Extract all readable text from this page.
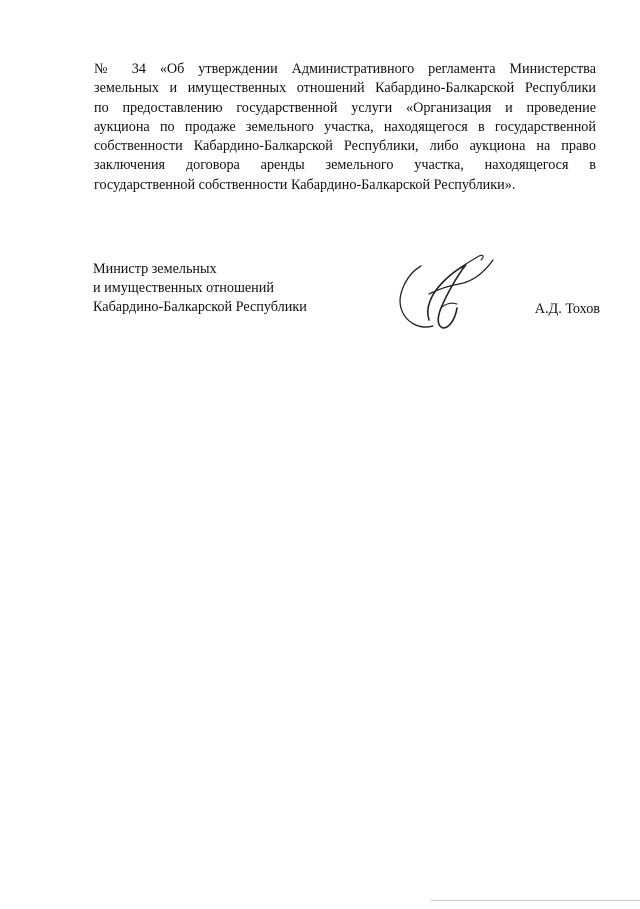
№ 34 «Об утверждении Административного регламента Министерства
земельных и имущественных отношений Кабардино-Балкарской Республики
по предоставлению государственной услуги «Организация и проведение
аукциона по продаже земельного участка, находящегося в государственной
собственности Кабардино-Балкарской Республики, либо аукциона на право
заключения договора аренды земельного участка, находящегося в
государственной собственности Кабардино-Балкарской Республики».
Министр земельных
и имущественных отношений
Кабардино-Балкарской Республики	А.Д. Тохов
